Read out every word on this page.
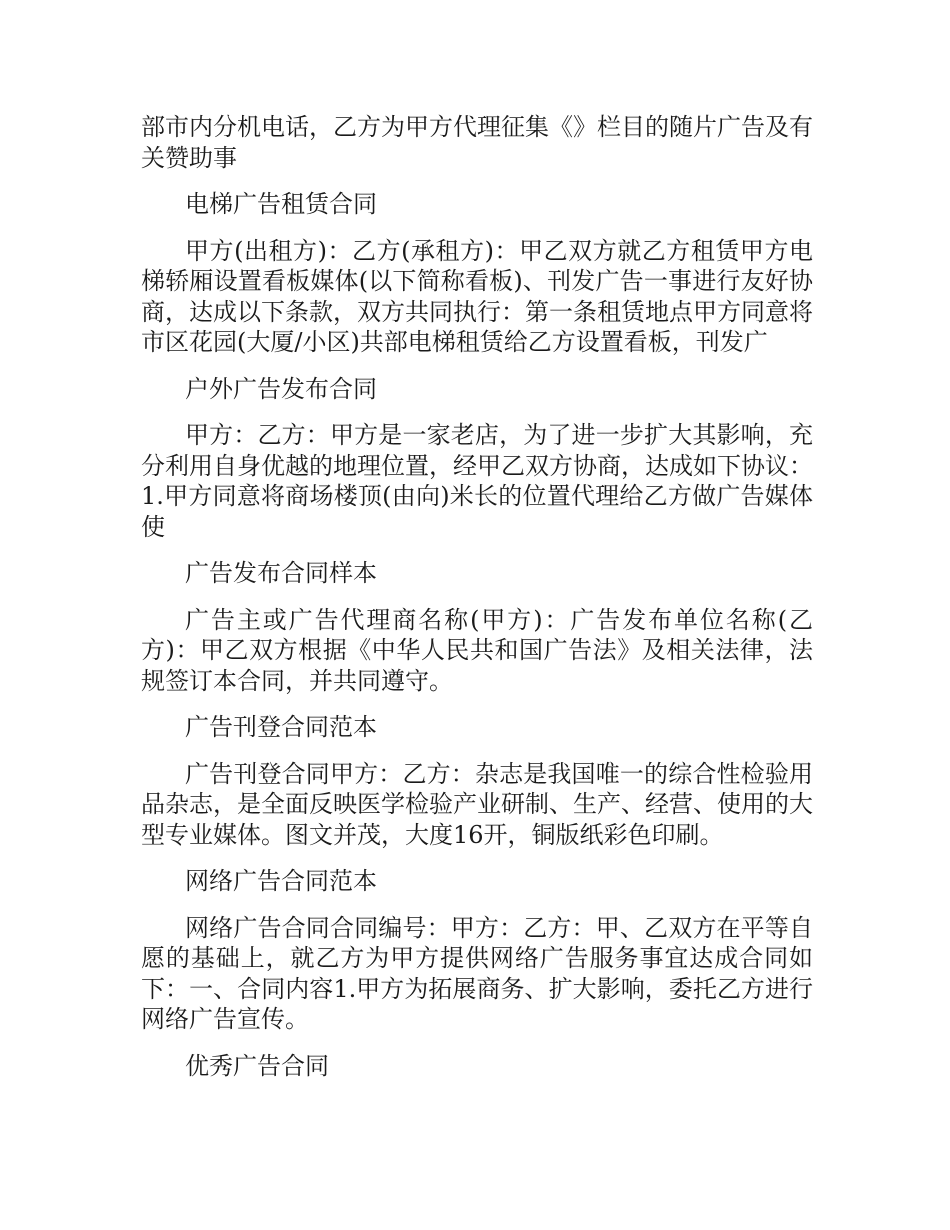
部市内分机电话，乙方为甲方代理征集《》栏目的随片广告及有关赞助事

电梯广告租赁合同

甲方(出租方)：乙方(承租方)：甲乙双方就乙方租赁甲方电梯轿厢设置看板媒体(以下简称看板)、刊发广告一事进行友好协商，达成以下条款，双方共同执行：第一条租赁地点甲方同意将市区花园(大厦/小区)共部电梯租赁给乙方设置看板，刊发广

户外广告发布合同

甲方：乙方：甲方是一家老店，为了进一步扩大其影响，充分利用自身优越的地理位置，经甲乙双方协商，达成如下协议：1.甲方同意将商场楼顶(由向)米长的位置代理给乙方做广告媒体使

广告发布合同样本

广告主或广告代理商名称(甲方)：广告发布单位名称(乙方)：甲乙双方根据《中华人民共和国广告法》及相关法律，法规签订本合同，并共同遵守。

广告刊登合同范本

广告刊登合同甲方：乙方：杂志是我国唯一的综合性检验用品杂志，是全面反映医学检验产业研制、生产、经营、使用的大型专业媒体。图文并茂，大度16开，铜版纸彩色印刷。

网络广告合同范本

网络广告合同合同编号：甲方：乙方：甲、乙双方在平等自愿的基础上，就乙方为甲方提供网络广告服务事宜达成合同如下：一、合同内容1.甲方为拓展商务、扩大影响，委托乙方进行网络广告宣传。

优秀广告合同
